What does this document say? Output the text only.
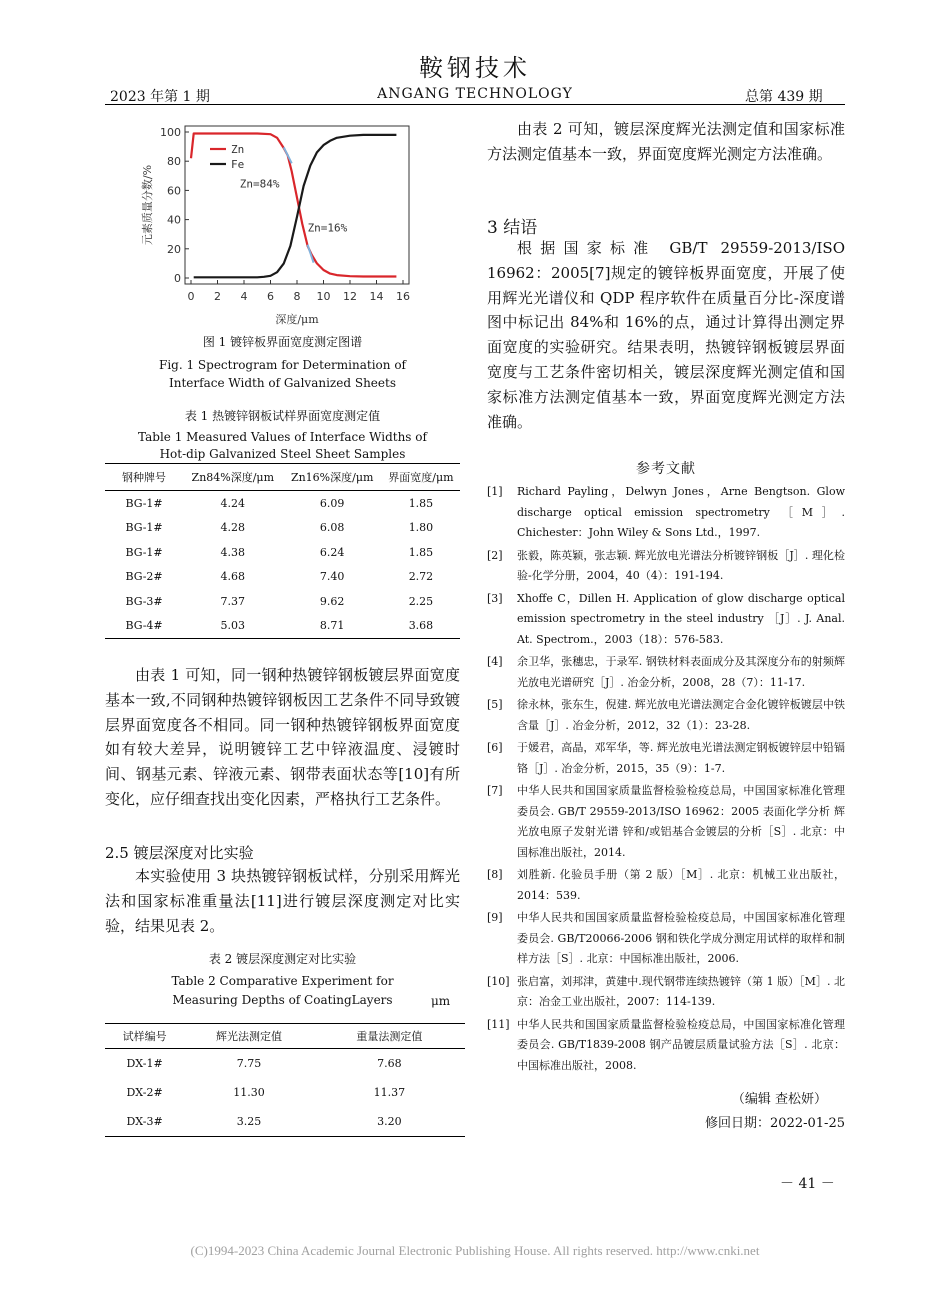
鞍钢技术
2023 年第 1 期	ANGANG TECHNOLOGY	总第 439 期
0 2 4 6 8 10 12 14 16
0
20
40
60
80
100
深度/μm
元素质量分数/%	Zn=84%
Zn=16%
Zn
Fe
图 1 镀锌板界面宽度测定图谱
Fig. 1 Spectrogram for Determination of
Interface Width of Galvanized Sheets
表 1 热镀锌钢板试样界面宽度测定值
Table 1 Measured Values of Interface Widths of
Hot-dip Galvanized Steel Sheet Samples
钢种牌号	Zn84%深度/μm	Zn16%深度/μm	界面宽度/μm
BG-1#	4.24	6.09	1.85
BG-1#	4.28	6.08	1.80
BG-1#	4.38	6.24	1.85
BG-2#	4.68	7.40	2.72
BG-3#	7.37	9.62	2.25
BG-4#	5.03	8.71	3.68
由表 1 可知，同一钢种热镀锌钢板镀层界面宽度基本一致,不同钢种热镀锌钢板因工艺条件不同导致镀层界面宽度各不相同。同一钢种热镀锌钢板界面宽度如有较大差异，说明镀锌工艺中锌液温度、浸镀时间、钢基元素、锌液元素、钢带表面状态等[10]有所变化，应仔细查找出变化因素，严格执行工艺条件。
2.5 镀层深度对比实验
本实验使用 3 块热镀锌钢板试样，分别采用辉光法和国家标准重量法[11]进行镀层深度测定对比实验，结果见表 2。
表 2 镀层深度测定对比实验
Table 2 Comparative Experiment for
Measuring Depths of CoatingLayers	μm
试样编号	辉光法测定值	重量法测定值
DX-1#	7.75	7.68
DX-2#	11.30	11.37
DX-3#	3.25	3.20
由表 2 可知，镀层深度辉光法测定值和国家标准方法测定值基本一致，界面宽度辉光测定方法准确。
3 结语
根据国家标准 GB/T 29559-2013/ISO 16962：2005[7]规定的镀锌板界面宽度，开展了使用辉光光谱仪和 QDP 程序软件在质量百分比-深度谱图中标记出 84%和 16%的点，通过计算得出测定界面宽度的实验研究。结果表明，热镀锌钢板镀层界面宽度与工艺条件密切相关，镀层深度辉光测定值和国家标准方法测定值基本一致，界面宽度辉光测定方法准确。
参考文献
[1] Richard Payling，Delwyn Jones，Arne Bengtson. Glow discharge optical emission spectrometry ［M］. Chichester：John Wiley & Sons Ltd.，1997.
[2] 张毅，陈英颖，张志颖. 辉光放电光谱法分析镀锌钢板［J］. 理化检验-化学分册，2004，40（4）：191-194.
[3] Xhoffe C，Dillen H. Application of glow discharge optical emission spectrometry in the steel industry ［J］. J. Anal. At. Spectrom.，2003（18）：576-583.
[4] 余卫华，张穗忠，于录军. 钢铁材料表面成分及其深度分布的射频辉光放电光谱研究［J］. 冶金分析，2008，28（7）：11-17.
[5] 徐永林，张东生，倪建. 辉光放电光谱法测定合金化镀锌板镀层中铁含量［J］. 冶金分析，2012，32（1）：23-28.
[6] 于媛君，高晶，邓军华，等. 辉光放电光谱法测定钢板镀锌层中铅镉铬［J］. 冶金分析，2015，35（9）：1-7.
[7] 中华人民共和国国家质量监督检验检疫总局，中国国家标准化管理委员会. GB/T 29559-2013/ISO 16962：2005 表面化学分析 辉光放电原子发射光谱 锌和/或铝基合金镀层的分析［S］. 北京：中国标准出版社，2014.
[8] 刘胜新. 化验员手册（第 2 版）［M］. 北京：机械工业出版社，2014：539.
[9] 中华人民共和国国家质量监督检验检疫总局，中国国家标准化管理委员会. GB/T20066-2006 钢和铁化学成分测定用试样的取样和制样方法［S］. 北京：中国标准出版社，2006.
[10] 张启富，刘邦津，黄建中.现代钢带连续热镀锌（第 1 版）［M］. 北京：冶金工业出版社，2007：114-139.
[11] 中华人民共和国国家质量监督检验检疫总局，中国国家标准化管理委员会. GB/T1839-2008 钢产品镀层质量试验方法［S］. 北京：中国标准出版社，2008.
（编辑 查松妍）
修回日期：2022-01-25
－ 41 －
(C)1994-2023 China Academic Journal Electronic Publishing House. All rights reserved. http://www.cnki.net
